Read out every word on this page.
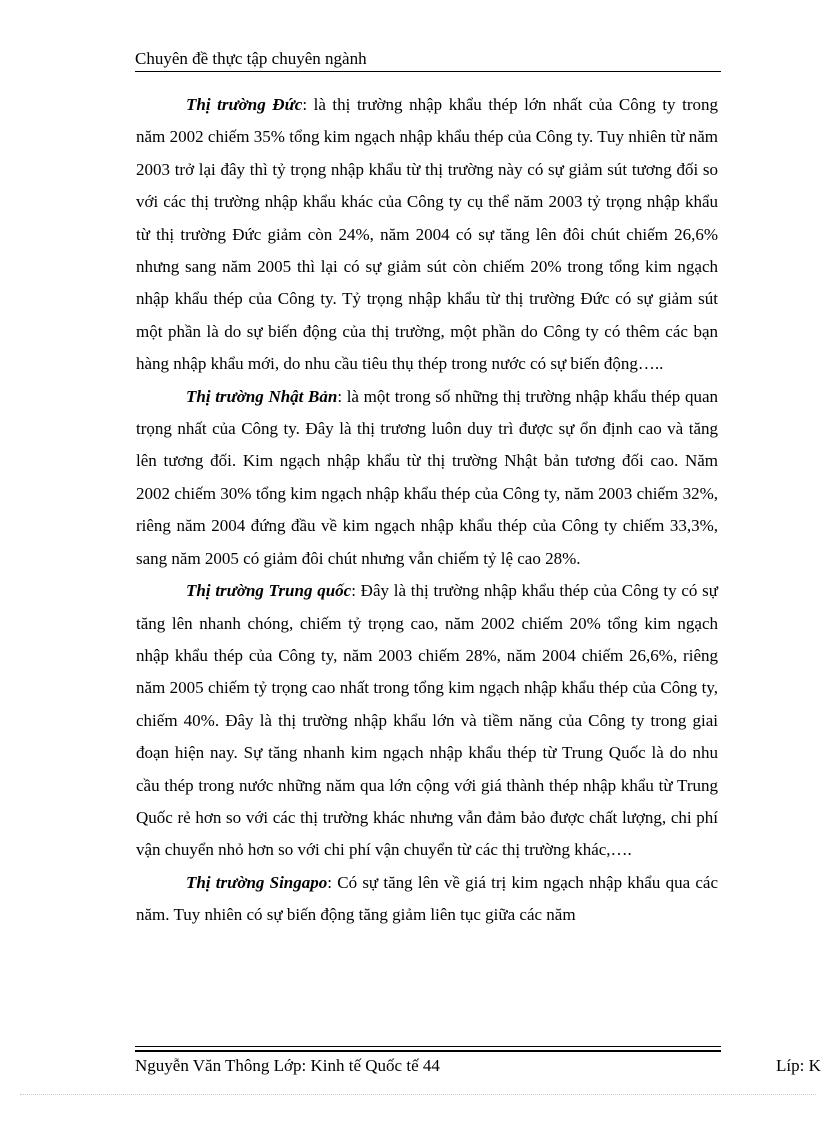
Chuyên đề thực tập chuyên ngành

Thị trường Đức: là thị trường nhập khẩu thép lớn nhất của Công ty trong năm 2002 chiếm 35% tổng kim ngạch nhập khẩu thép của Công ty. Tuy nhiên từ năm 2003 trở lại đây thì tỷ trọng nhập khẩu từ thị trường này có sự giảm sút tương đối so với các thị trường nhập khẩu khác của Công ty cụ thể năm 2003 tỷ trọng nhập khẩu từ thị trường Đức giảm còn 24%, năm 2004 có sự tăng lên đôi chút chiếm 26,6% nhưng sang năm 2005 thì lại có sự giảm sút còn chiếm 20% trong tổng kim ngạch nhập khẩu thép của Công ty. Tỷ trọng nhập khẩu từ thị trường Đức có sự giảm sút một phần là do sự biến động của thị trường, một phần do Công ty có thêm các bạn hàng nhập khẩu mới, do nhu cầu tiêu thụ thép trong nước có sự biến động…..

Thị trường Nhật Bản: là một trong số những thị trường nhập khẩu thép quan trọng nhất của Công ty. Đây là thị trương luôn duy trì được sự ổn định cao và tăng lên tương đối. Kim ngạch nhập khẩu từ thị trường Nhật bản tương đối cao. Năm 2002 chiếm 30% tổng kim ngạch nhập khẩu thép của Công ty, năm 2003 chiếm 32%, riêng năm 2004 đứng đầu về kim ngạch nhập khẩu thép của Công ty chiếm 33,3%, sang năm 2005 có giảm đôi chút nhưng vẫn chiếm tỷ lệ cao 28%.

Thị trường Trung quốc: Đây là thị trường nhập khẩu thép của Công ty có sự tăng lên nhanh chóng, chiếm tỷ trọng cao, năm 2002 chiếm 20% tổng kim ngạch nhập khẩu thép của Công ty, năm 2003 chiếm 28%, năm 2004 chiếm 26,6%, riêng năm 2005 chiếm tỷ trọng cao nhất trong tổng kim ngạch nhập khẩu thép của Công ty, chiếm 40%. Đây là thị trường nhập khẩu lớn và tiềm năng của Công ty trong giai đoạn hiện nay. Sự tăng nhanh kim ngạch nhập khẩu thép từ Trung Quốc là do nhu cầu thép trong nước những năm qua lớn cộng với giá thành thép nhập khẩu từ Trung Quốc rẻ hơn so với các thị trường khác nhưng vẫn đảm bảo được chất lượng, chi phí vận chuyển nhỏ hơn so với chi phí vận chuyển từ các thị trường khác,….

Thị trường Singapo: Có sự tăng lên về giá trị kim ngạch nhập khẩu qua các năm. Tuy nhiên có sự biến động tăng giảm liên tục giữa các năm

Nguyễn Văn Thông Lớp: Kinh tế Quốc tế 44	Líp: K
